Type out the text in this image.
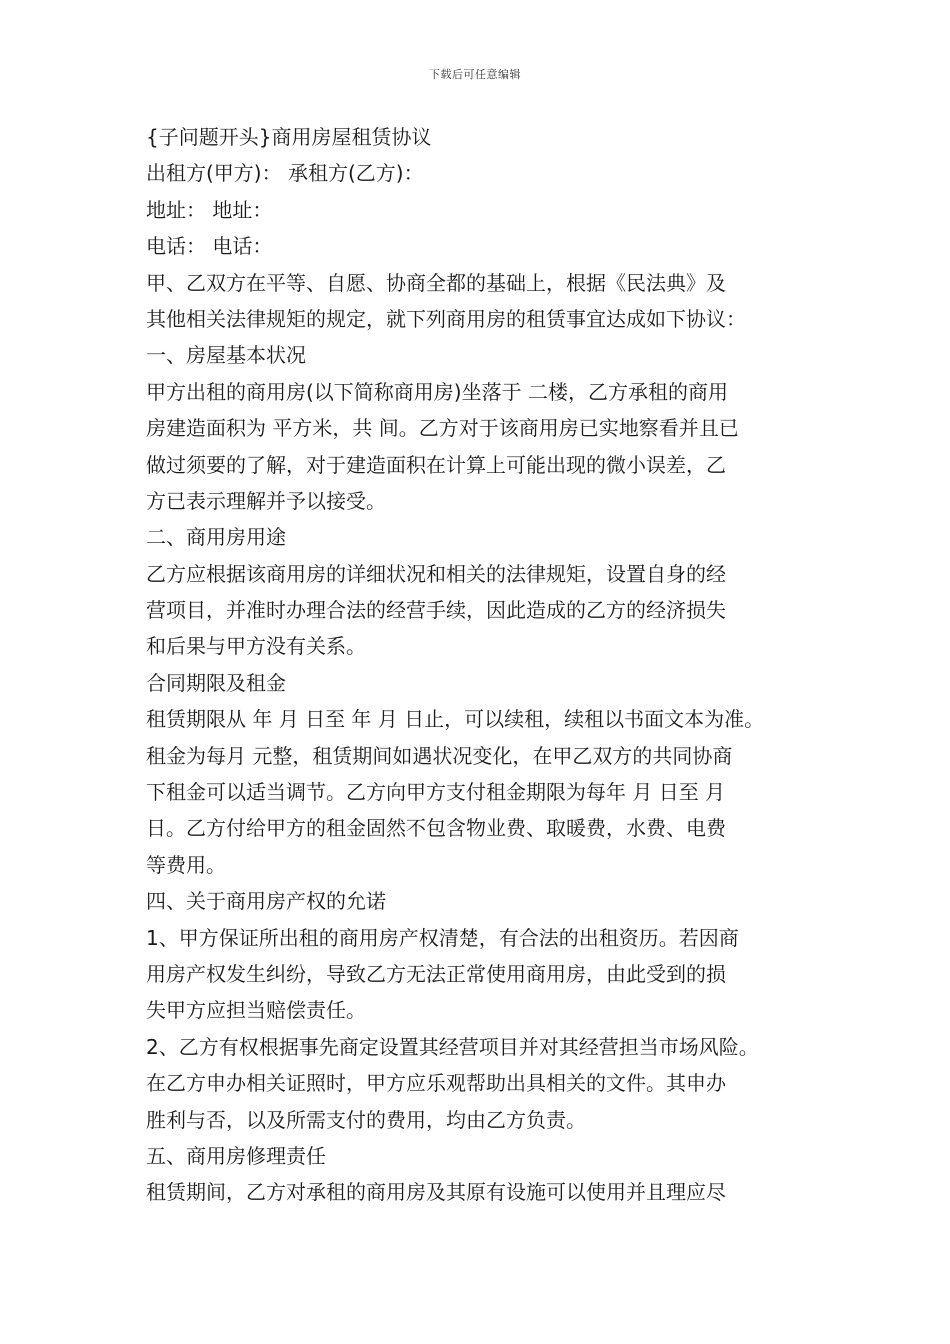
下载后可任意编辑
{子问题开头}商用房屋租赁协议
出租方(甲方)： 承租方(乙方)：
地址： 地址：
电话： 电话：
甲、乙双方在平等、自愿、协商全都的基础上，根据《民法典》及
其他相关法律规矩的规定，就下列商用房的租赁事宜达成如下协议：
一、房屋基本状况
甲方出租的商用房(以下简称商用房)坐落于 二楼，乙方承租的商用
房建造面积为 平方米，共 间。乙方对于该商用房已实地察看并且已
做过须要的了解，对于建造面积在计算上可能出现的微小误差，乙
方已表示理解并予以接受。
二、商用房用途
乙方应根据该商用房的详细状况和相关的法律规矩，设置自身的经
营项目，并准时办理合法的经营手续，因此造成的乙方的经济损失
和后果与甲方没有关系。
合同期限及租金
租赁期限从 年 月 日至 年 月 日止，可以续租，续租以书面文本为准。
租金为每月 元整，租赁期间如遇状况变化，在甲乙双方的共同协商
下租金可以适当调节。乙方向甲方支付租金期限为每年 月 日至 月
日。乙方付给甲方的租金固然不包含物业费、取暖费，水费、电费
等费用。
四、关于商用房产权的允诺
1、甲方保证所出租的商用房产权清楚，有合法的出租资历。若因商
用房产权发生纠纷，导致乙方无法正常使用商用房，由此受到的损
失甲方应担当赔偿责任。
2、乙方有权根据事先商定设置其经营项目并对其经营担当市场风险。
在乙方申办相关证照时，甲方应乐观帮助出具相关的文件。其申办
胜利与否，以及所需支付的费用，均由乙方负责。
五、商用房修理责任
租赁期间，乙方对承租的商用房及其原有设施可以使用并且理应尽
